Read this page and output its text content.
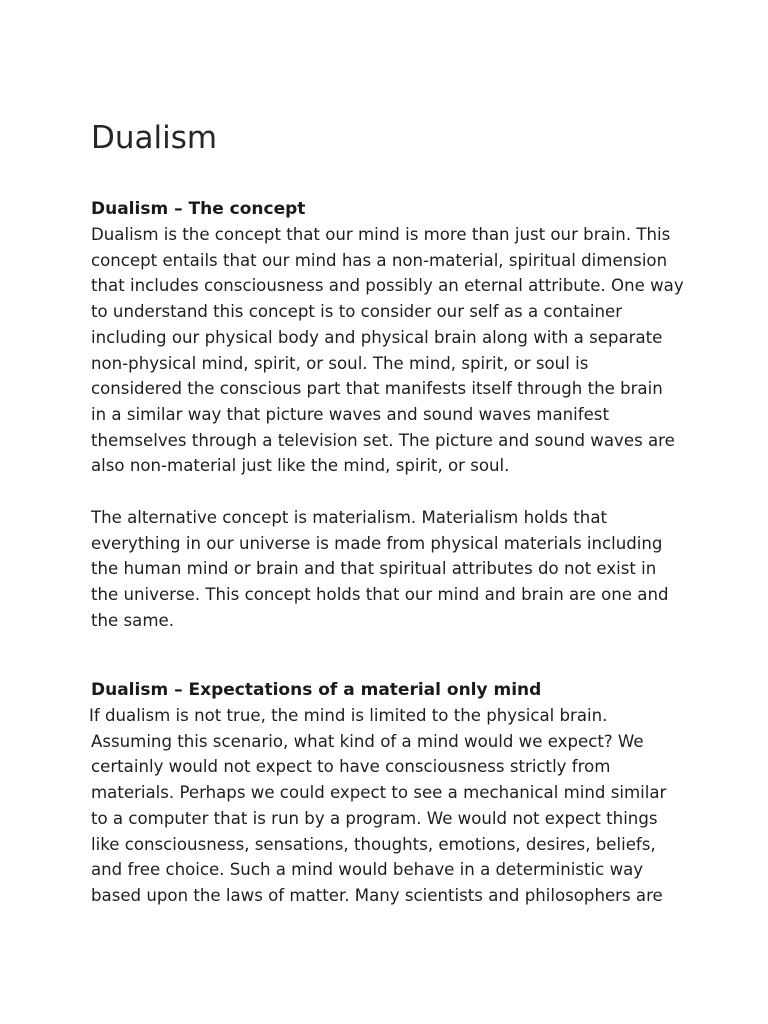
Dualism
Dualism – The concept

Dualism is the concept that our mind is more than just our brain. This
concept entails that our mind has a non-material, spiritual dimension
that includes consciousness and possibly an eternal attribute. One way
to understand this concept is to consider our self as a container
including our physical body and physical brain along with a separate
non-physical mind, spirit, or soul. The mind, spirit, or soul is
considered the conscious part that manifests itself through the brain
in a similar way that picture waves and sound waves manifest
themselves through a television set. The picture and sound waves are
also non-material just like the mind, spirit, or soul.

The alternative concept is materialism. Materialism holds that
everything in our universe is made from physical materials including
the human mind or brain and that spiritual attributes do not exist in
the universe. This concept holds that our mind and brain are one and
the same.

Dualism – Expectations of a material only mind

If dualism is not true, the mind is limited to the physical brain.
Assuming this scenario, what kind of a mind would we expect? We
certainly would not expect to have consciousness strictly from
materials. Perhaps we could expect to see a mechanical mind similar
to a computer that is run by a program. We would not expect things
like consciousness, sensations, thoughts, emotions, desires, beliefs,
and free choice. Such a mind would behave in a deterministic way
based upon the laws of matter. Many scientists and philosophers are
